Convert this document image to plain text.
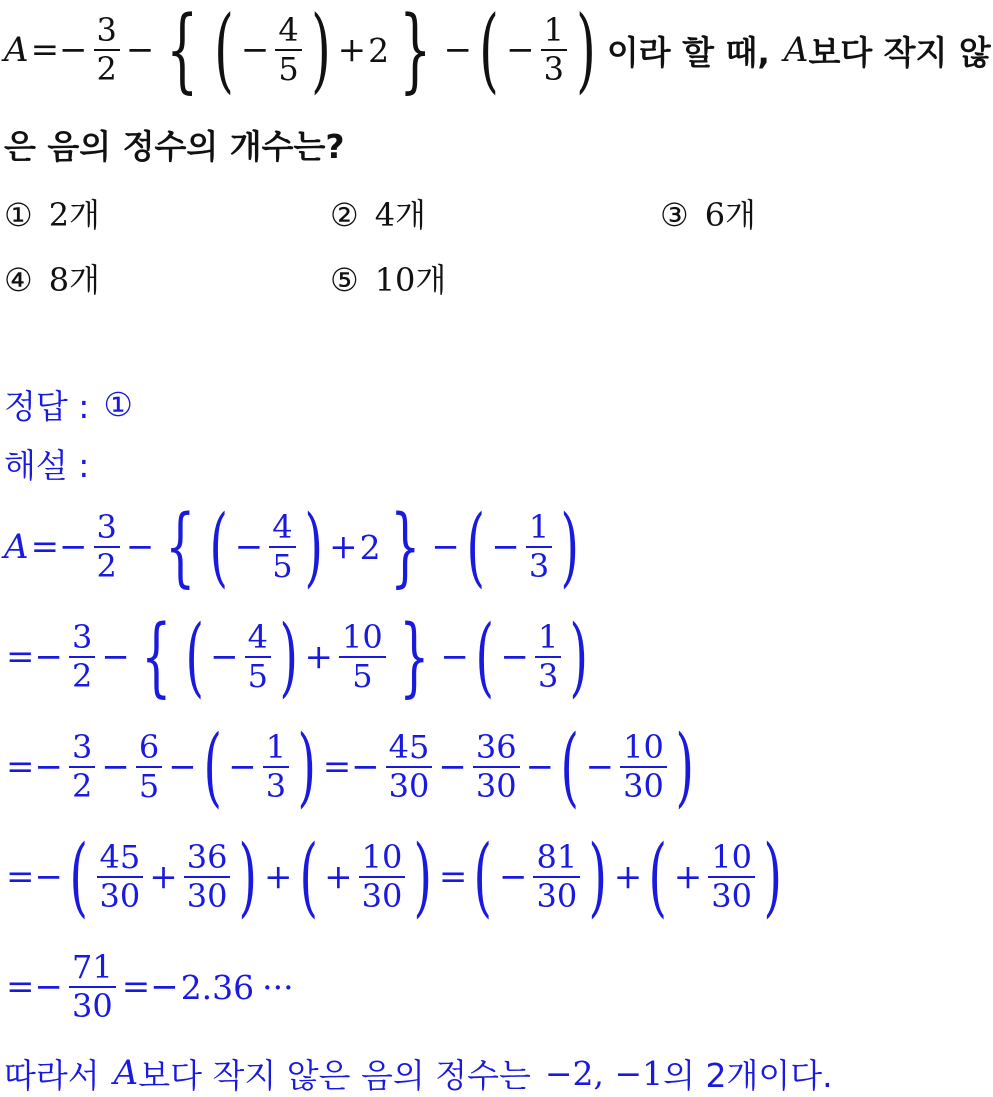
$A =- \frac{3}{2}$ − { ( − $\frac{4}{5}$ ) + 2 } − ( − $\frac{1}{3}$ ) 이라 할 때, A 보다 작지 않
은 음의 정수의 개수는?
① 2개	② 4개	③ 6개
④ 8개	⑤ 10개
정답 : ①
해설 :
$A =- \frac{3}{2}$ − { ( − $\frac{4}{5}$ ) + 2 } − ( − $\frac{1}{3}$ )
=− $\frac{3}{2}$ − { ( − $\frac{4}{5}$ ) + $\frac{10}{5}$ } − ( − $\frac{1}{3}$ )
=− $\frac{3}{2} - \frac{6}{5}$ − ( − $\frac{1}{3}$ ) =− $\frac{45}{30} - \frac{36}{30}$ − ( − $\frac{10}{30}$ )
=− ( $\frac{45}{30} + \frac{36}{30}$ ) + ( + $\frac{10}{30}$ ) = ( − $\frac{81}{30}$ ) + ( + $\frac{10}{30}$ )
=− $\frac{71}{30} =- 2.36$ ···
따라서 A 보다 작지 않은 음의 정수는 −2, −1 의 2개이다.
